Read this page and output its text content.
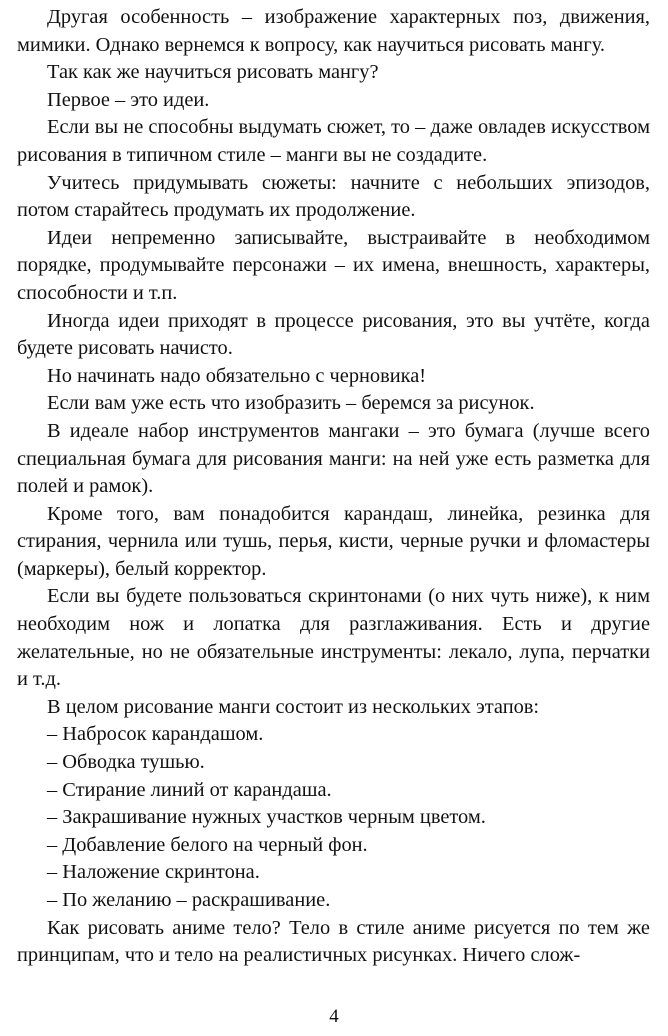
Другая особенность – изображение характерных поз, движения, мимики. Однако вернемся к вопросу, как научиться рисовать мангу.

Так как же научиться рисовать мангу?

Первое – это идеи.

Если вы не способны выдумать сюжет, то – даже овладев искусством рисования в типичном стиле – манги вы не создадите.

Учитесь придумывать сюжеты: начните с небольших эпизодов, потом старайтесь продумать их продолжение.

Идеи непременно записывайте, выстраивайте в необходимом порядке, продумывайте персонажи – их имена, внешность, характеры, способности и т.п.

Иногда идеи приходят в процессе рисования, это вы учтёте, когда будете рисовать начисто.

Но начинать надо обязательно с черновика!

Если вам уже есть что изобразить – беремся за рисунок.

В идеале набор инструментов мангаки – это бумага (лучше всего специальная бумага для рисования манги: на ней уже есть разметка для полей и рамок).

Кроме того, вам понадобится карандаш, линейка, резинка для стирания, чернила или тушь, перья, кисти, черные ручки и фломастеры (маркеры), белый корректор.

Если вы будете пользоваться скринтонами (о них чуть ниже), к ним необходим нож и лопатка для разглаживания. Есть и другие желательные, но не обязательные инструменты: лекало, лупа, перчатки и т.д.

В целом рисование манги состоит из нескольких этапов:

– Набросок карандашом.

– Обводка тушью.

– Стирание линий от карандаша.

– Закрашивание нужных участков черным цветом.

– Добавление белого на черный фон.

– Наложение скринтона.

– По желанию – раскрашивание.

Как рисовать аниме тело? Тело в стиле аниме рисуется по тем же принципам, что и тело на реалистичных рисунках. Ничего слож-

4
